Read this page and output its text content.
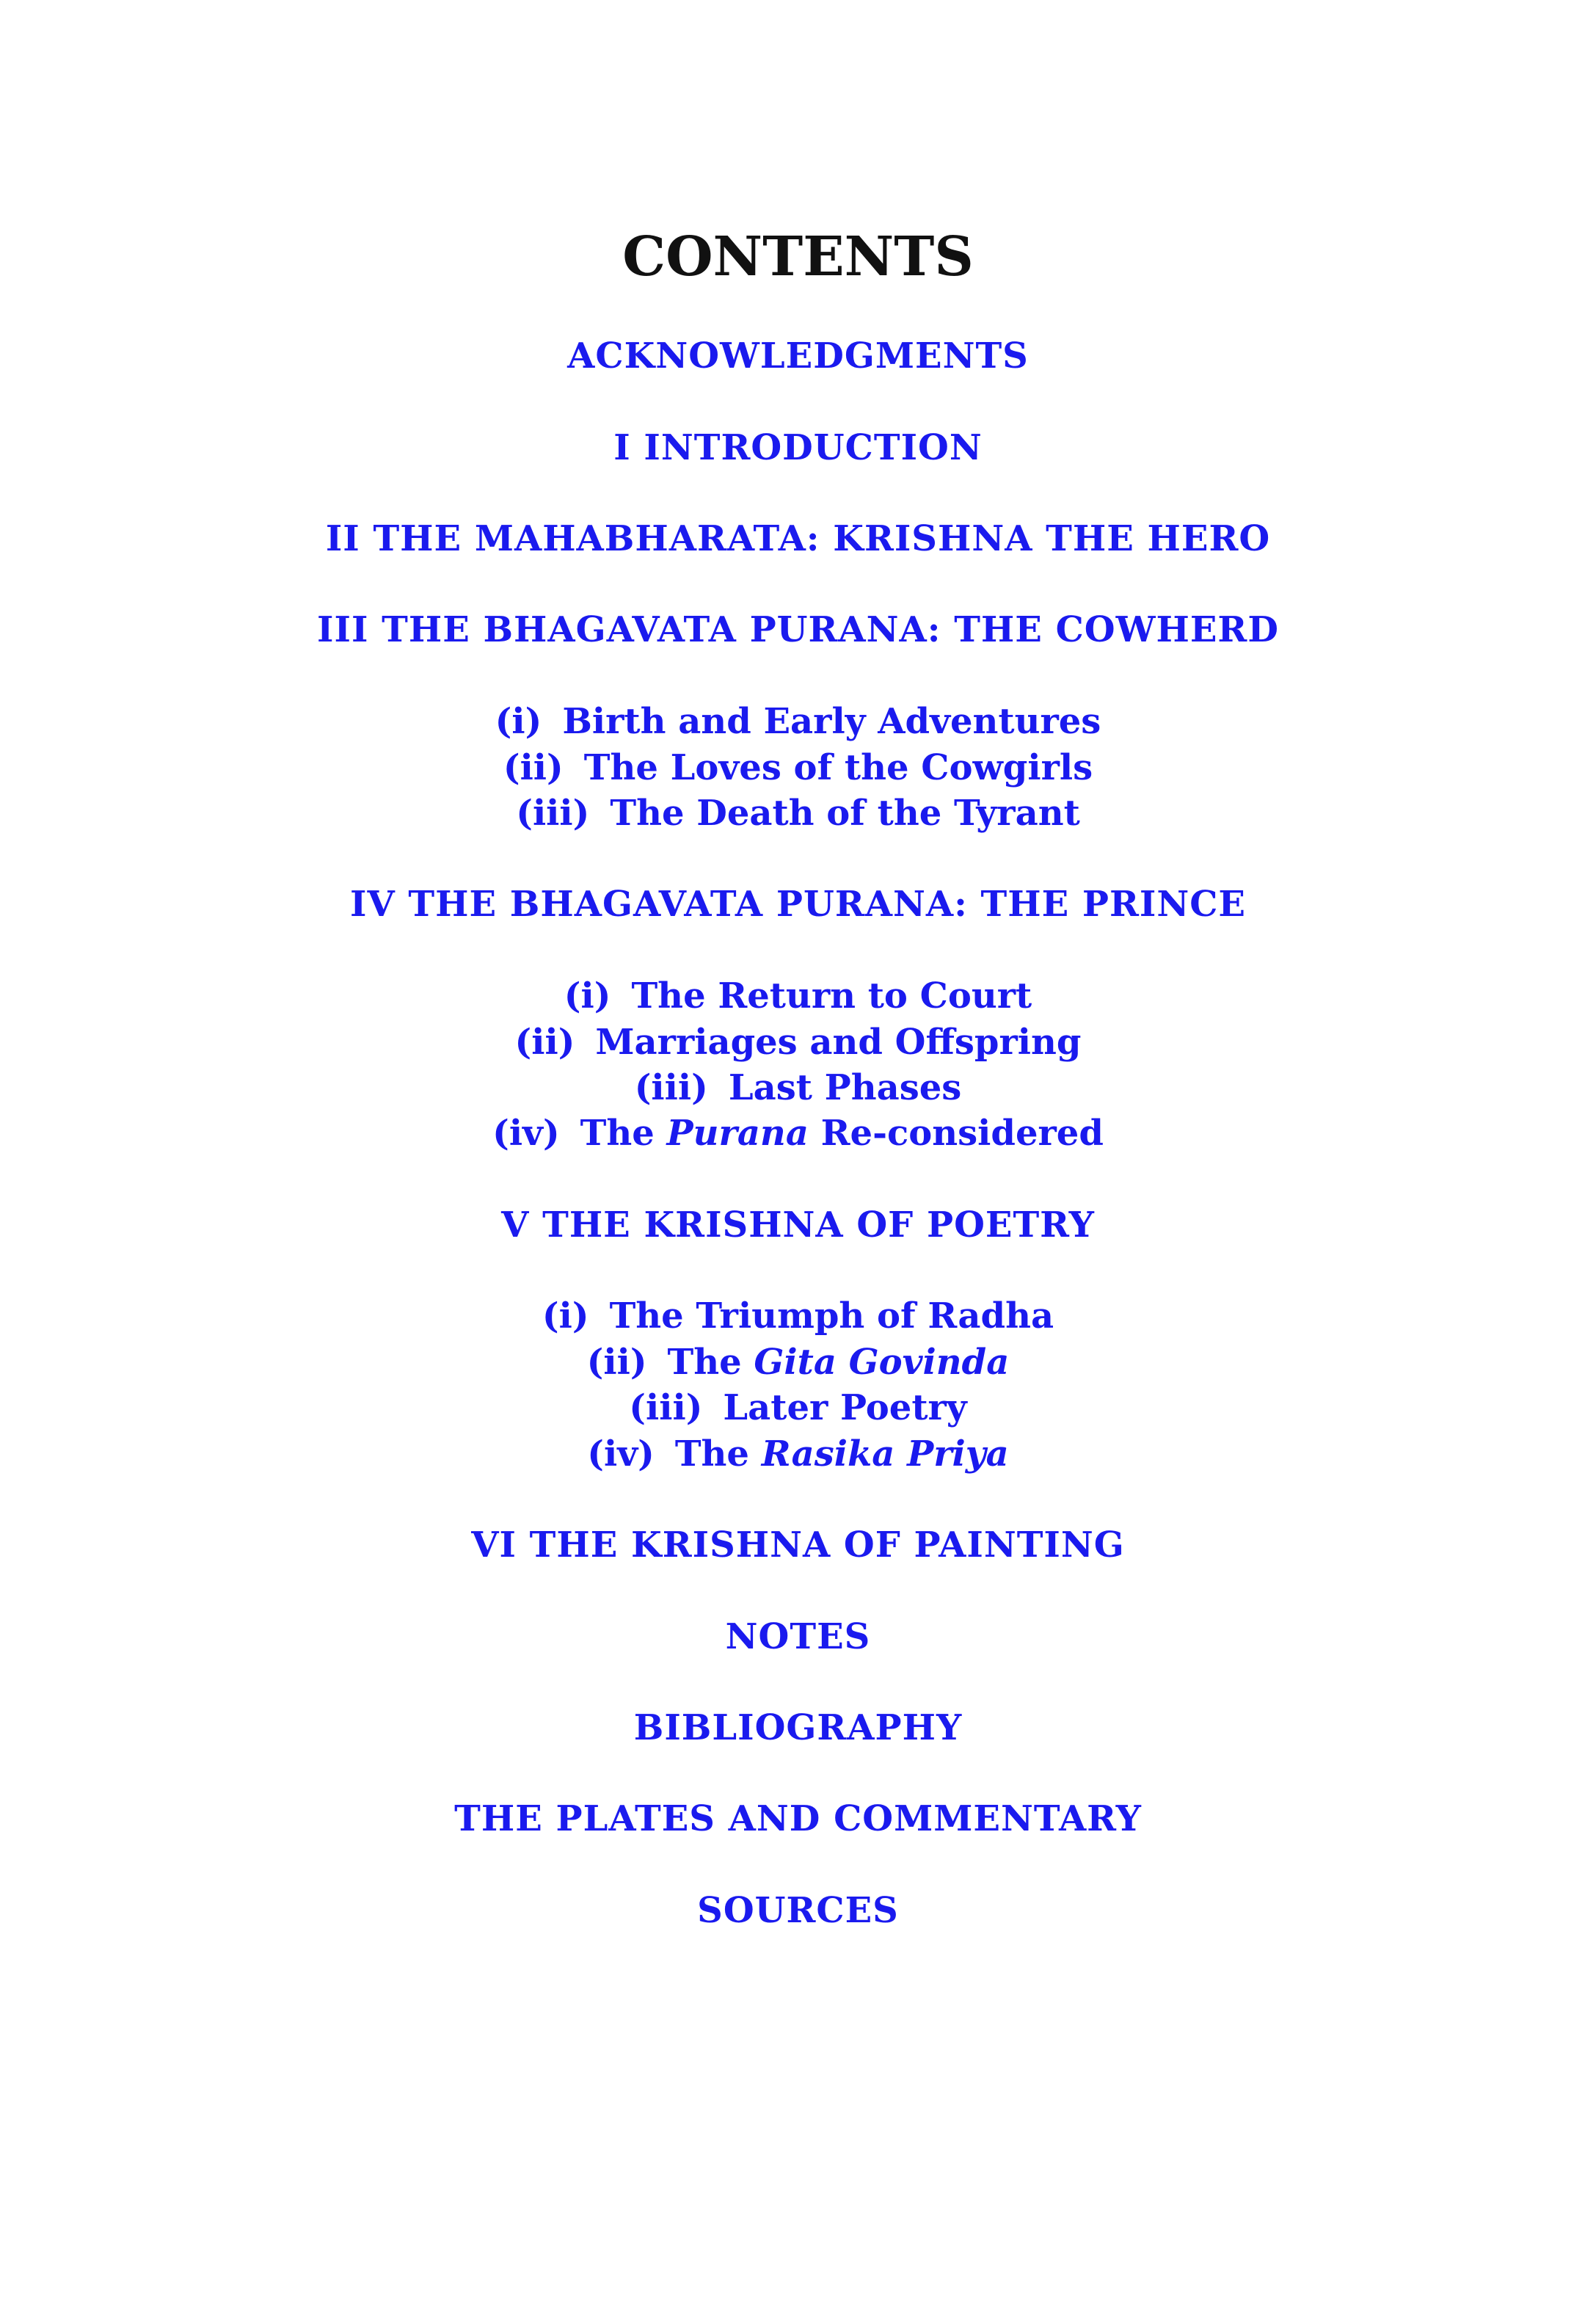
CONTENTS
ACKNOWLEDGMENTS
I INTRODUCTION
II THE MAHABHARATA: KRISHNA THE HERO
III THE BHAGAVATA PURANA: THE COWHERD
(i) Birth and Early Adventures
(ii) The Loves of the Cowgirls
(iii) The Death of the Tyrant
IV THE BHAGAVATA PURANA: THE PRINCE
(i) The Return to Court
(ii) Marriages and Offspring
(iii) Last Phases
(iv) The Purana Re-considered
V THE KRISHNA OF POETRY
(i) The Triumph of Radha
(ii) The Gita Govinda
(iii) Later Poetry
(iv) The Rasika Priya
VI THE KRISHNA OF PAINTING
NOTES
BIBLIOGRAPHY
THE PLATES AND COMMENTARY
SOURCES
